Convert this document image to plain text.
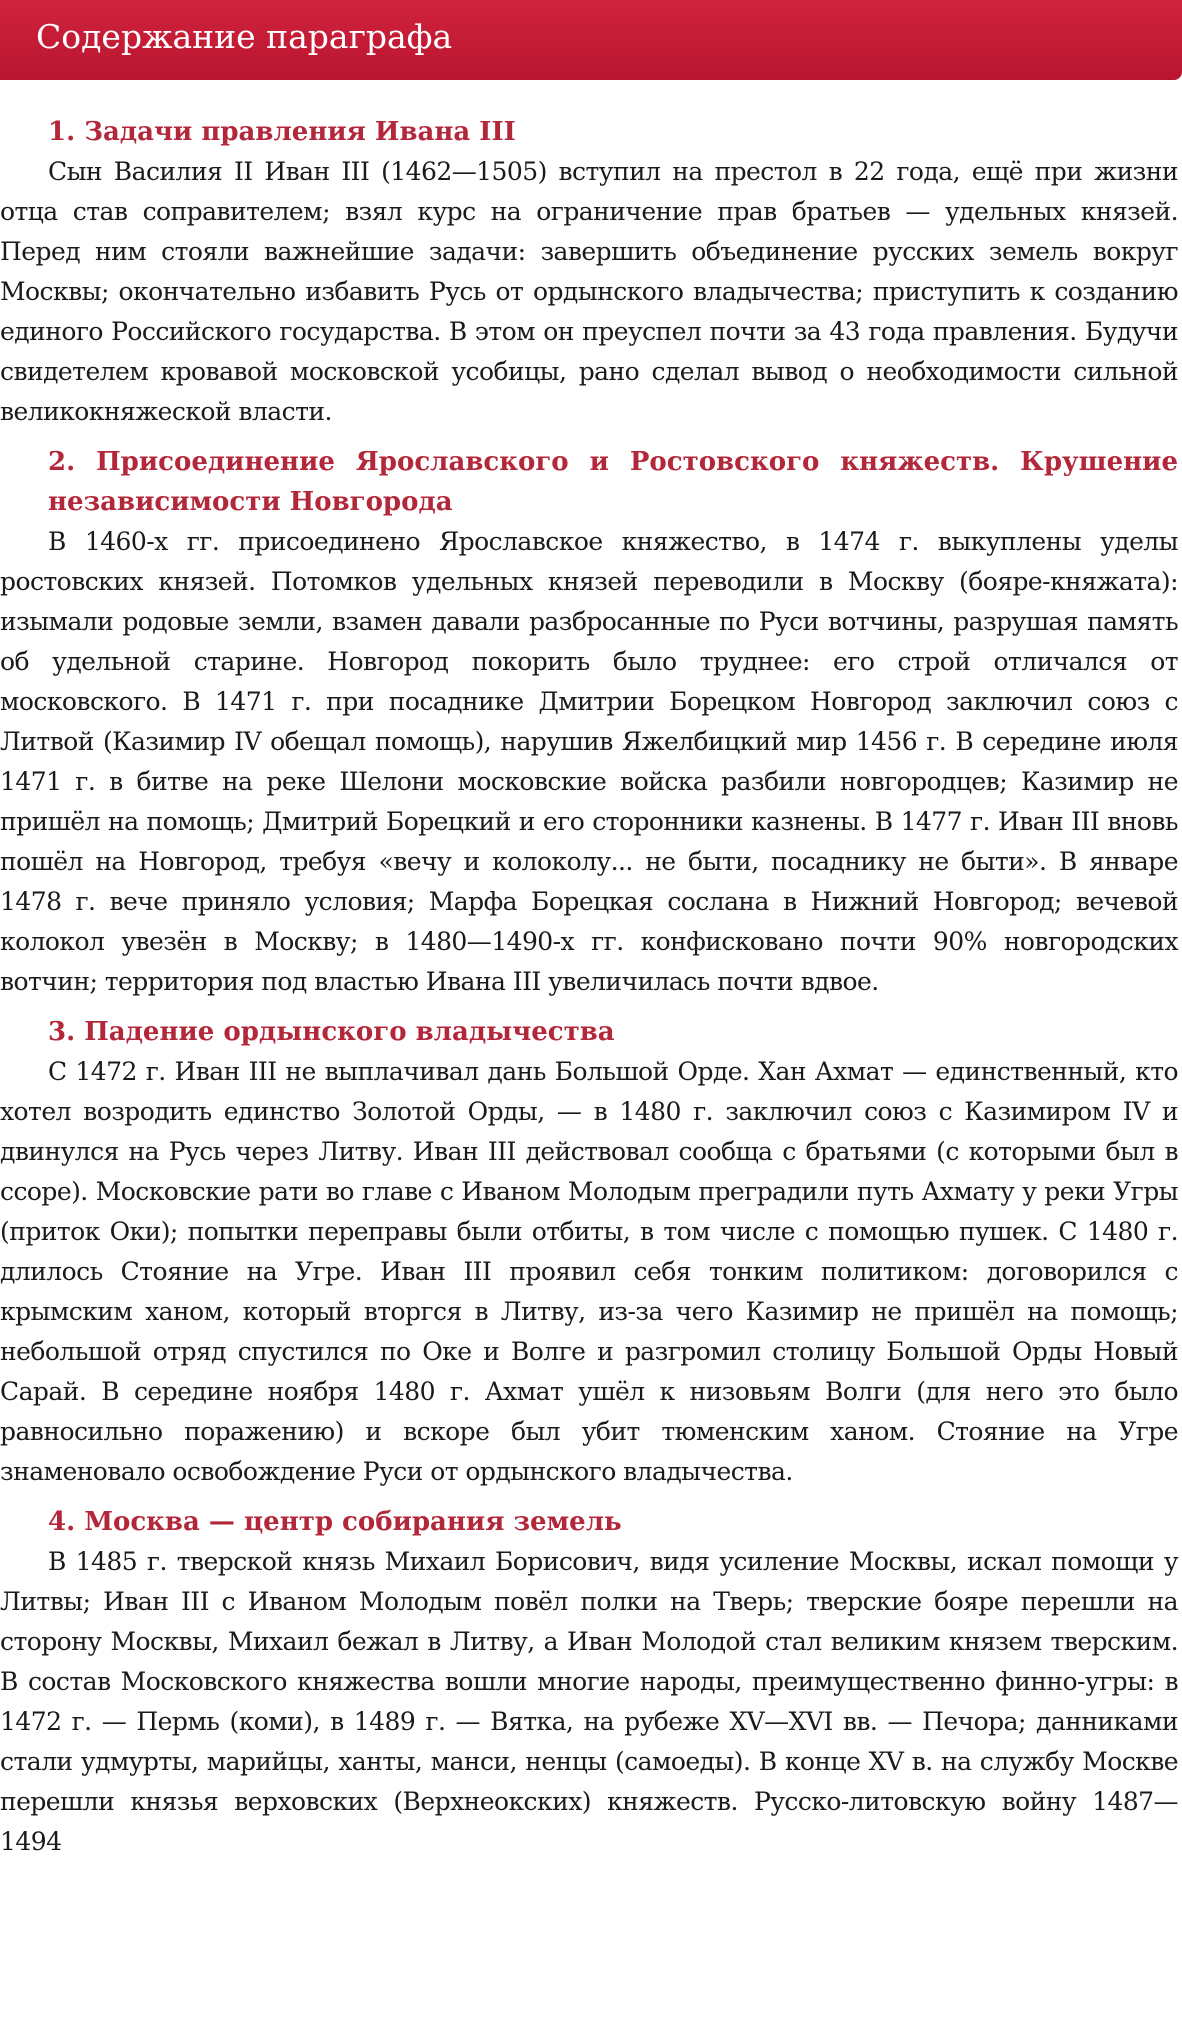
Содержание параграфа
1. Задачи правления Ивана III

Сын Василия II Иван III (1462—1505) вступил на престол в 22 года, ещё при жизни отца став соправителем; взял курс на ограничение прав братьев — удельных князей. Перед ним стояли важнейшие задачи: завершить объединение русских земель вокруг Москвы; окончательно избавить Русь от ордынского владычества; приступить к созданию единого Российского государства. В этом он преуспел почти за 43 года правления. Будучи свидетелем кровавой московской усобицы, рано сделал вывод о необходимости сильной великокняжеской власти.

2. Присоединение Ярославского и Ростовского княжеств. Крушение независимости Новгорода

В 1460-х гг. присоединено Ярославское княжество, в 1474 г. выкуплены уделы ростовских князей. Потомков удельных князей переводили в Москву (бояре-княжата): изымали родовые земли, взамен давали разбросанные по Руси вотчины, разрушая память об удельной старине. Новгород покорить было труднее: его строй отличался от московского. В 1471 г. при посаднике Дмитрии Борецком Новгород заключил союз с Литвой (Казимир IV обещал помощь), нарушив Яжелбицкий мир 1456 г. В середине июля 1471 г. в битве на реке Шелони московские войска разбили новгородцев; Казимир не пришёл на помощь; Дмитрий Борецкий и его сторонники казнены. В 1477 г. Иван III вновь пошёл на Новгород, требуя «вечу и колоколу... не быти, посаднику не быти». В январе 1478 г. вече приняло условия; Марфа Борецкая сослана в Нижний Новгород; вечевой колокол увезён в Москву; в 1480—1490-х гг. конфисковано почти 90% новгородских вотчин; территория под властью Ивана III увеличилась почти вдвое.

3. Падение ордынского владычества

С 1472 г. Иван III не выплачивал дань Большой Орде. Хан Ахмат — единственный, кто хотел возродить единство Золотой Орды, — в 1480 г. заключил союз с Казимиром IV и двинулся на Русь через Литву. Иван III действовал сообща с братьями (с которыми был в ссоре). Московские рати во главе с Иваном Молодым преградили путь Ахмату у реки Угры (приток Оки); попытки переправы были отбиты, в том числе с помощью пушек. С 1480 г. длилось Стояние на Угре. Иван III проявил себя тонким политиком: договорился с крымским ханом, который вторгся в Литву, из-за чего Казимир не пришёл на помощь; небольшой отряд спустился по Оке и Волге и разгромил столицу Большой Орды Новый Сарай. В середине ноября 1480 г. Ахмат ушёл к низовьям Волги (для него это было равносильно поражению) и вскоре был убит тюменским ханом. Стояние на Угре знаменовало освобождение Руси от ордынского владычества.

4. Москва — центр собирания земель

В 1485 г. тверской князь Михаил Борисович, видя усиление Москвы, искал помощи у Литвы; Иван III с Иваном Молодым повёл полки на Тверь; тверские бояре перешли на сторону Москвы, Михаил бежал в Литву, а Иван Молодой стал великим князем тверским. В состав Московского княжества вошли многие народы, преимущественно финно-угры: в 1472 г. — Пермь (коми), в 1489 г. — Вятка, на рубеже XV—XVI вв. — Печора; данниками стали удмурты, марийцы, ханты, манси, ненцы (самоеды). В конце XV в. на службу Москве перешли князья верховских (Верхнеокских) княжеств. Русско-литовскую войну 1487—1494
